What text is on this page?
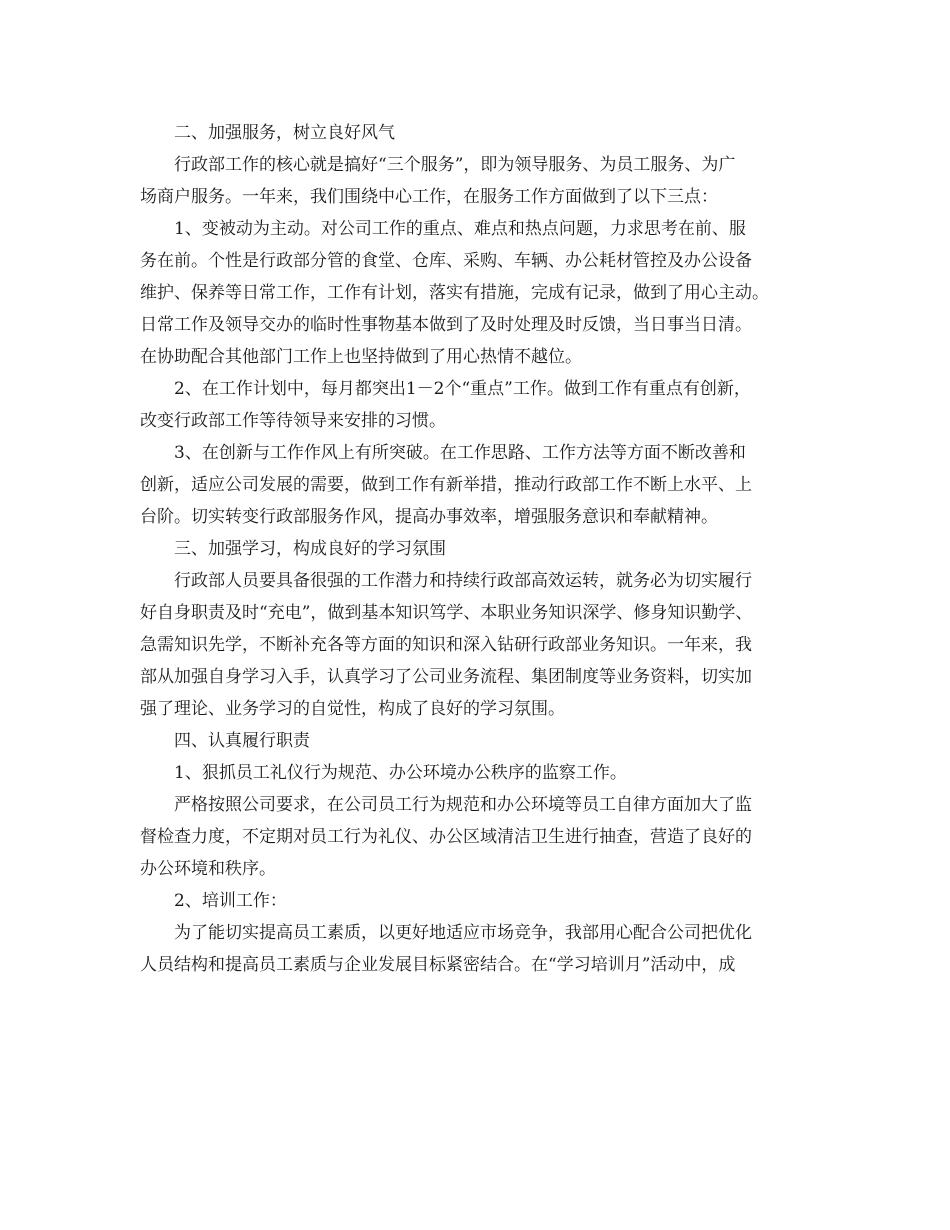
二、加强服务，树立良好风气
行政部工作的核心就是搞好“三个服务”，即为领导服务、为员工服务、为广
场商户服务。一年来，我们围绕中心工作，在服务工作方面做到了以下三点：
1、变被动为主动。对公司工作的重点、难点和热点问题，力求思考在前、服
务在前。个性是行政部分管的食堂、仓库、采购、车辆、办公耗材管控及办公设备
维护、保养等日常工作，工作有计划，落实有措施，完成有记录，做到了用心主动。
日常工作及领导交办的临时性事物基本做到了及时处理及时反馈，当日事当日清。
在协助配合其他部门工作上也坚持做到了用心热情不越位。
2、在工作计划中，每月都突出1－2个“重点”工作。做到工作有重点有创新，
改变行政部工作等待领导来安排的习惯。
3、在创新与工作作风上有所突破。在工作思路、工作方法等方面不断改善和
创新，适应公司发展的需要，做到工作有新举措，推动行政部工作不断上水平、上
台阶。切实转变行政部服务作风，提高办事效率，增强服务意识和奉献精神。
三、加强学习，构成良好的学习氛围
行政部人员要具备很强的工作潜力和持续行政部高效运转，就务必为切实履行
好自身职责及时“充电”，做到基本知识笃学、本职业务知识深学、修身知识勤学、
急需知识先学，不断补充各等方面的知识和深入钻研行政部业务知识。一年来，我
部从加强自身学习入手，认真学习了公司业务流程、集团制度等业务资料，切实加
强了理论、业务学习的自觉性，构成了良好的学习氛围。
四、认真履行职责
1、狠抓员工礼仪行为规范、办公环境办公秩序的监察工作。
严格按照公司要求，在公司员工行为规范和办公环境等员工自律方面加大了监
督检查力度，不定期对员工行为礼仪、办公区域清洁卫生进行抽查，营造了良好的
办公环境和秩序。
2、培训工作：
为了能切实提高员工素质，以更好地适应市场竞争，我部用心配合公司把优化
人员结构和提高员工素质与企业发展目标紧密结合。在“学习培训月”活动中，成
